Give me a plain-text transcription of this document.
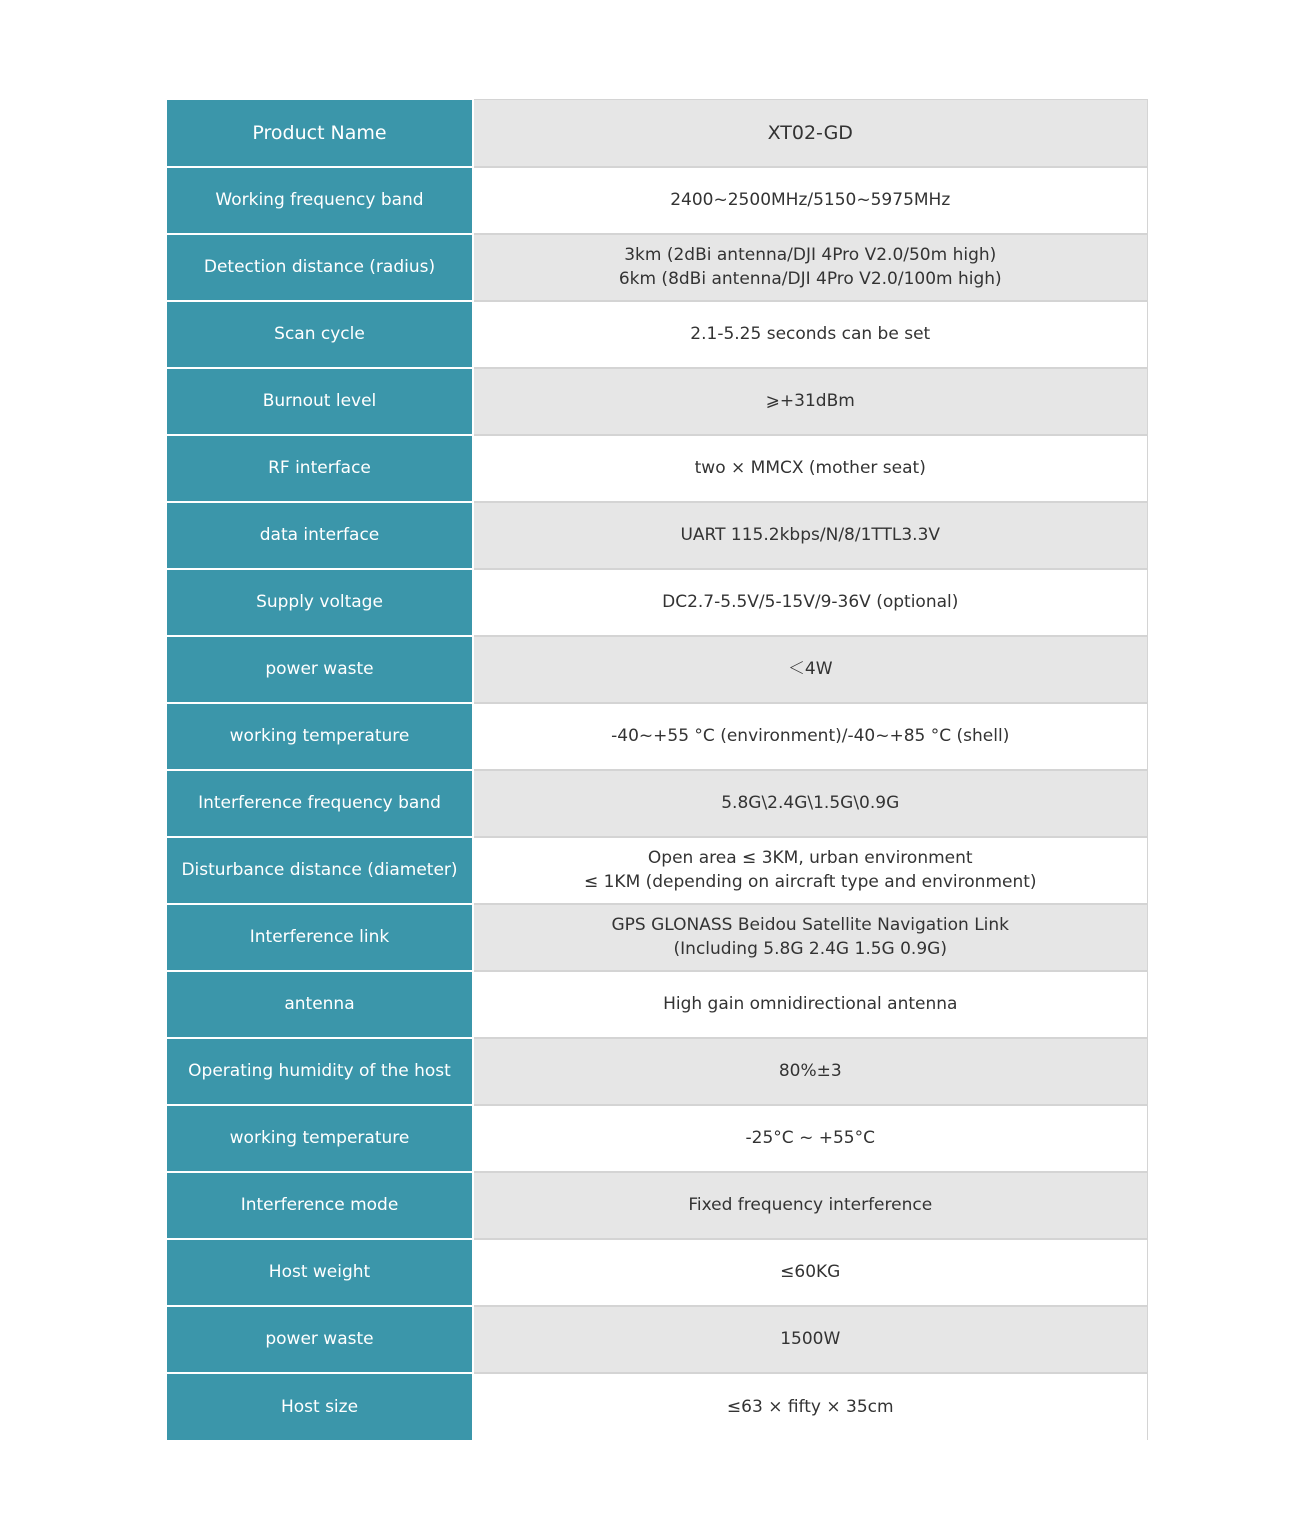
Product Name	XT02-GD
Working frequency band	2400~2500MHz/5150~5975MHz
Detection distance (radius)	3km (2dBi antenna/DJI 4Pro V2.0/50m high)
6km (8dBi antenna/DJI 4Pro V2.0/100m high)
Scan cycle	2.1-5.25 seconds can be set
Burnout level	⩾+31dBm
RF interface	two × MMCX (mother seat)
data interface	UART 115.2kbps/N/8/1TTL3.3V
Supply voltage	DC2.7-5.5V/5-15V/9-36V (optional)
power waste	＜4W
working temperature	-40~+55 °C (environment)/-40~+85 °C (shell)
Interference frequency band	5.8G\2.4G\1.5G\0.9G
Disturbance distance (diameter)	Open area ≤ 3KM, urban environment
≤ 1KM (depending on aircraft type and environment)
Interference link	GPS GLONASS Beidou Satellite Navigation Link
(Including 5.8G 2.4G 1.5G 0.9G)
antenna	High gain omnidirectional antenna
Operating humidity of the host	80%±3
working temperature	-25°C ~ +55°C
Interference mode	Fixed frequency interference
Host weight	≤60KG
power waste	1500W
Host size	≤63 × fifty × 35cm
